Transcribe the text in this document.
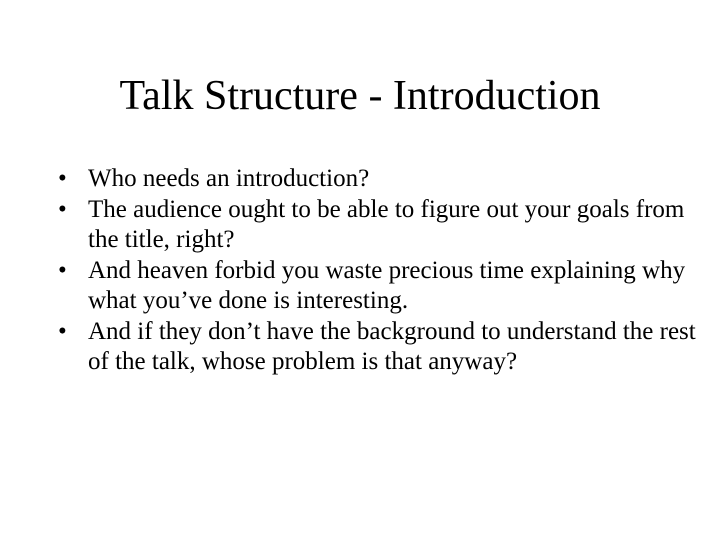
Talk Structure - Introduction
• Who needs an introduction?
• The audience ought to be able to figure out your goals from the title, right?
• And heaven forbid you waste precious time explaining why what you’ve done is interesting.
• And if they don’t have the background to understand the rest of the talk, whose problem is that anyway?
